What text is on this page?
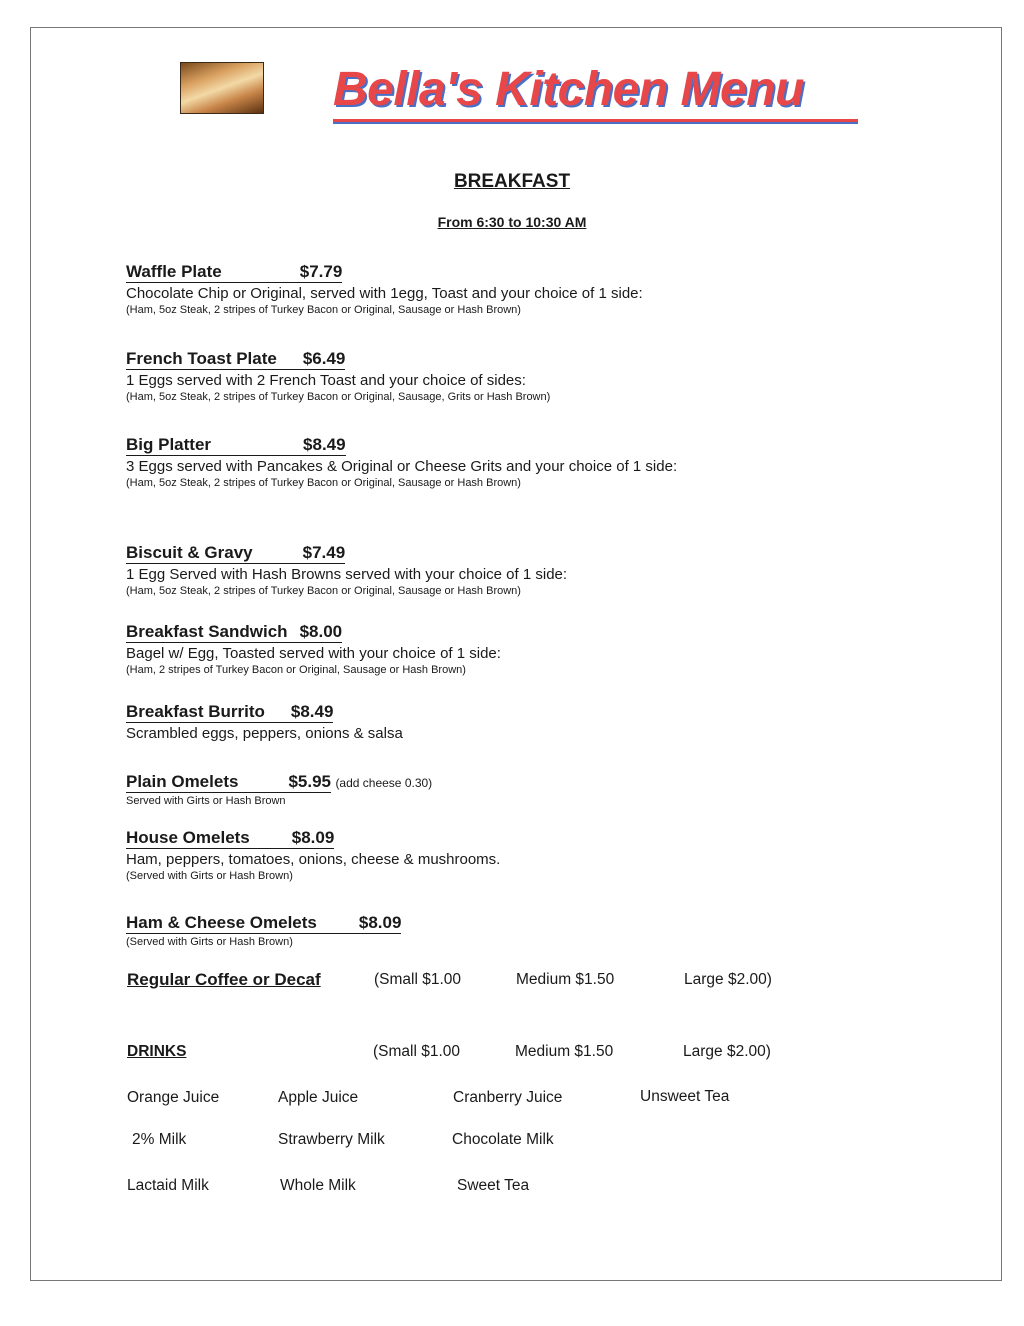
Bella's Kitchen Menu
BREAKFAST
From 6:30 to 10:30 AM
Waffle Plate	$7.79
Chocolate Chip or Original, served with 1egg, Toast and your choice of 1 side:
(Ham, 5oz Steak, 2 stripes of Turkey Bacon or Original, Sausage or Hash Brown)
French Toast Plate $6.49
1 Eggs served with 2 French Toast and your choice of sides:
(Ham, 5oz Steak, 2 stripes of Turkey Bacon or Original, Sausage, Grits or Hash Brown)
Big Platter	$8.49
3 Eggs served with Pancakes & Original or Cheese Grits and your choice of 1 side:
(Ham, 5oz Steak, 2 stripes of Turkey Bacon or Original, Sausage or Hash Brown)
Biscuit & Gravy	$7.49
1 Egg Served with Hash Browns served with your choice of 1 side:
(Ham, 5oz Steak, 2 stripes of Turkey Bacon or Original, Sausage or Hash Brown)
Breakfast Sandwich $8.00
Bagel w/ Egg, Toasted served with your choice of 1 side:
(Ham, 2 stripes of Turkey Bacon or Original, Sausage or Hash Brown)
Breakfast Burrito $8.49
Scrambled eggs, peppers, onions & salsa
Plain Omelets	$5.95 (add cheese 0.30)
Served with Girts or Hash Brown
House Omelets $8.09
Ham, peppers, tomatoes, onions, cheese & mushrooms.
(Served with Girts or Hash Brown)
Ham & Cheese Omelets $8.09
(Served with Girts or Hash Brown)
Regular Coffee or Decaf	(Small $1.00	Medium $1.50	Large $2.00)
DRINKS	(Small $1.00	Medium $1.50	Large $2.00)
Orange Juice	Apple Juice	Cranberry Juice	Unsweet Tea
2% Milk	Strawberry Milk	Chocolate Milk
Lactaid Milk	Whole Milk	Sweet Tea
